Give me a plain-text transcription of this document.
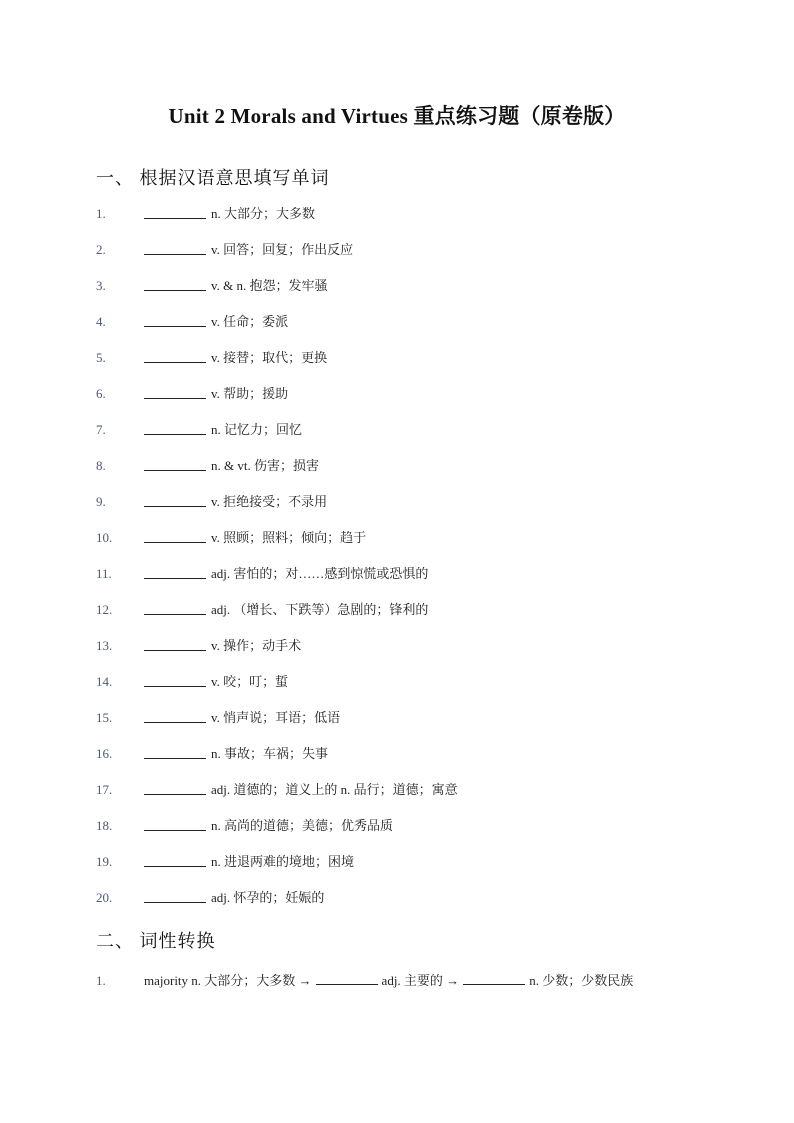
Unit 2 Morals and Virtues 重点练习题（原卷版）
一、 根据汉语意思填写单词
1.	n. 大部分；大多数
2.	v. 回答；回复；作出反应
3.	v. & n. 抱怨；发牢骚
4.	v. 任命；委派
5.	v. 接替；取代；更换
6.	v. 帮助；援助
7.	n. 记忆力；回忆
8.	n. & vt. 伤害；损害
9.	v. 拒绝接受；不录用
10.	v. 照顾；照料；倾向；趋于
11.	adj. 害怕的；对……感到惊慌或恐惧的
12.	adj. （增长、下跌等）急剧的；锋利的
13.	v. 操作；动手术
14.	v. 咬；叮；蜇
15.	v. 悄声说；耳语；低语
16.	n. 事故；车祸；失事
17.	adj. 道德的；道义上的 n. 品行；道德；寓意
18.	n. 高尚的道德；美德；优秀品质
19.	n. 进退两难的境地；困境
20.	adj. 怀孕的；妊娠的
二、 词性转换
1.	majority n. 大部分；大多数 →	adj. 主要的 →	n. 少数；少数民族
